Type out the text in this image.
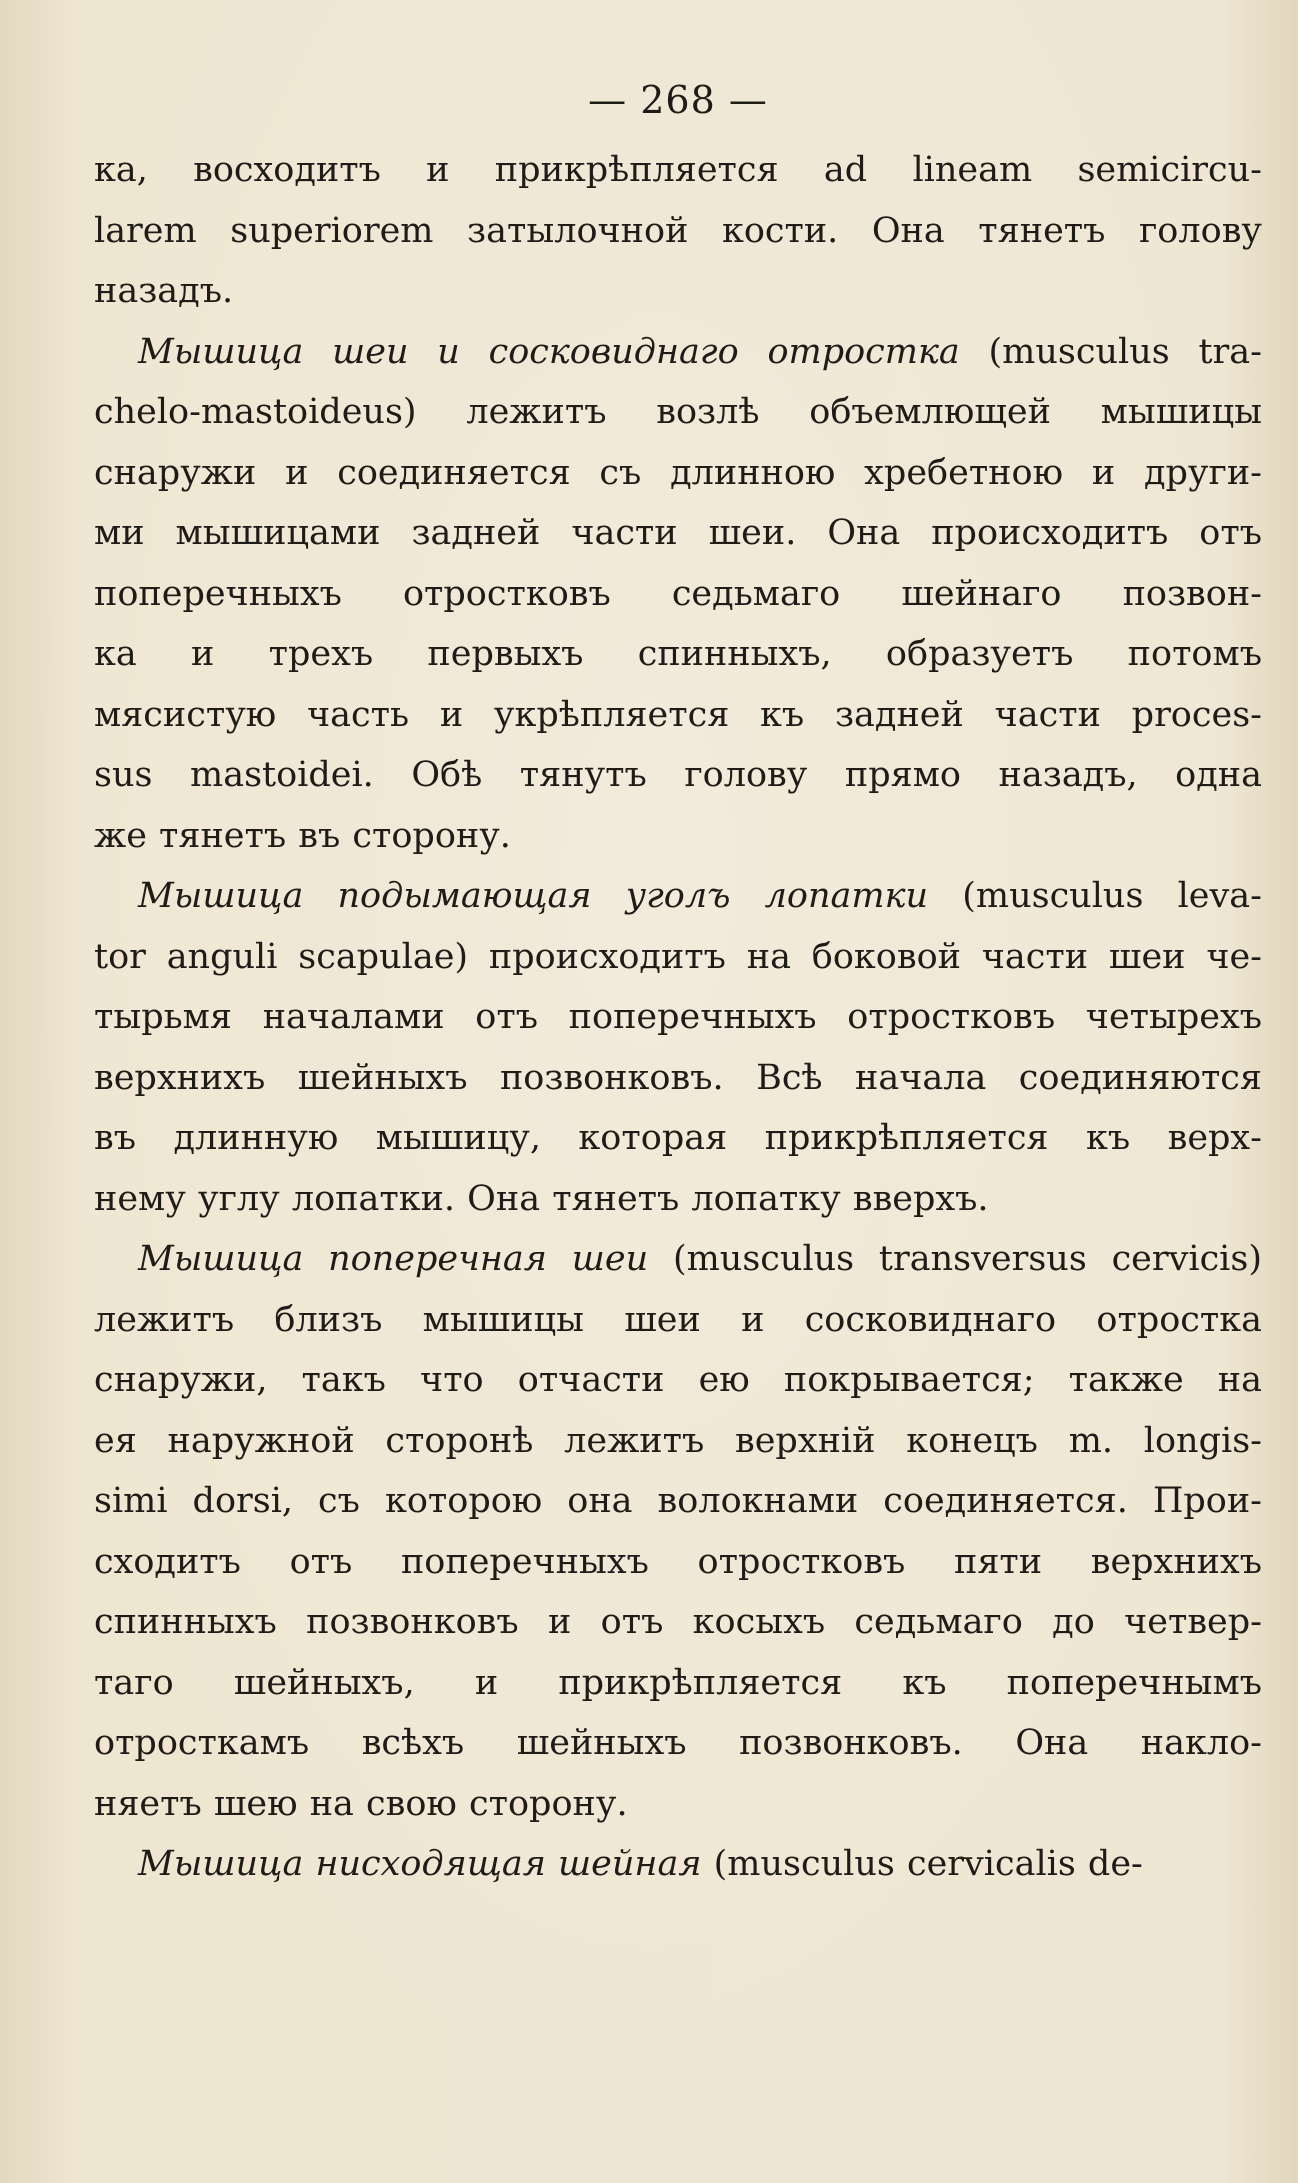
— 268 —
ка, восходитъ и прикрѣпляется ad lineam semicircu-
larem superiorem затылочной кости. Она тянетъ голову
назадъ.
Мышица шеи и сосковиднаго отростка (musculus tra-
chelo-mastoideus) лежитъ возлѣ объемлющей мышицы
снаружи и соединяется съ длинною хребетною и други-
ми мышицами задней части шеи. Она происходитъ отъ
поперечныхъ отростковъ седьмаго шейнаго позвон-
ка и трехъ первыхъ спинныхъ, образуетъ потомъ
мясистую часть и укрѣпляется къ задней части proces-
sus mastoidei. Обѣ тянутъ голову прямо назадъ, одна
же тянетъ въ сторону.
Мышица подымающая уголъ лопатки (musculus leva-
tor anguli scapulae) происходитъ на боковой части шеи че-
тырьмя началами отъ поперечныхъ отростковъ четырехъ
верхнихъ шейныхъ позвонковъ. Всѣ начала соединяются
въ длинную мышицу, которая прикрѣпляется къ верх-
нему углу лопатки. Она тянетъ лопатку вверхъ.
Мышица поперечная шеи (musculus transversus cervicis)
лежитъ близъ мышицы шеи и сосковиднаго отростка
снаружи, такъ что отчасти ею покрывается; также на
ея наружной сторонѣ лежитъ верхній конецъ m. longis-
simi dorsi, съ которою она волокнами соединяется. Прои-
сходитъ отъ поперечныхъ отростковъ пяти верхнихъ
спинныхъ позвонковъ и отъ косыхъ седьмаго до четвер-
таго шейныхъ, и прикрѣпляется къ поперечнымъ
отросткамъ всѣхъ шейныхъ позвонковъ. Она накло-
няетъ шею на свою сторону.
Мышица нисходящая шейная (musculus cervicalis de-
